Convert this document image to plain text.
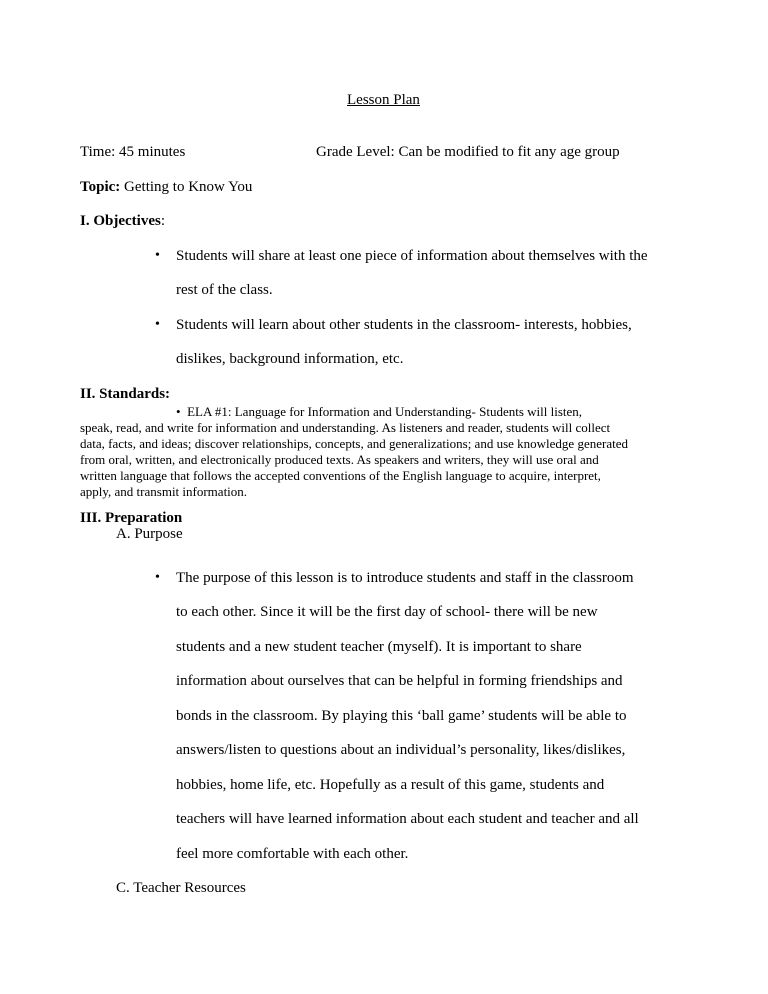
Lesson Plan
Time: 45 minutes	Grade Level: Can be modified to fit any age group
Topic: Getting to Know You
I. Objectives:
• Students will share at least one piece of information about themselves with the
rest of the class.
• Students will learn about other students in the classroom- interests, hobbies,
dislikes, background information, etc.
II. Standards:
• ELA #1: Language for Information and Understanding- Students will listen,
speak, read, and write for information and understanding. As listeners and reader, students will collect
data, facts, and ideas; discover relationships, concepts, and generalizations; and use knowledge generated
from oral, written, and electronically produced texts. As speakers and writers, they will use oral and
written language that follows the accepted conventions of the English language to acquire, interpret,
apply, and transmit information.
III. Preparation
A. Purpose
• The purpose of this lesson is to introduce students and staff in the classroom
to each other. Since it will be the first day of school- there will be new
students and a new student teacher (myself). It is important to share
information about ourselves that can be helpful in forming friendships and
bonds in the classroom. By playing this ‘ball game’ students will be able to
answers/listen to questions about an individual’s personality, likes/dislikes,
hobbies, home life, etc. Hopefully as a result of this game, students and
teachers will have learned information about each student and teacher and all
feel more comfortable with each other.
C. Teacher Resources
